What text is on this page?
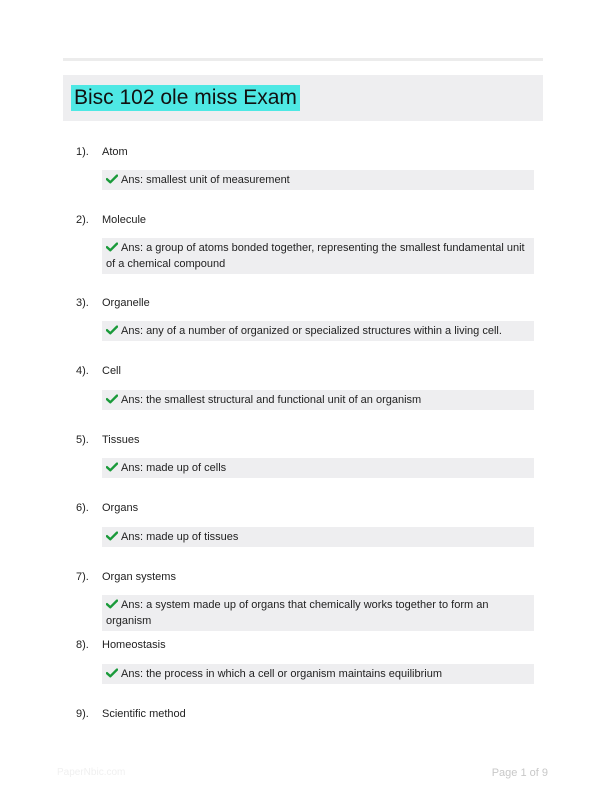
Bisc 102 ole miss Exam
1). Atom
Ans: smallest unit of measurement
2). Molecule
Ans: a group of atoms bonded together, representing the smallest fundamental unit of a chemical compound
3). Organelle
Ans: any of a number of organized or specialized structures within a living cell.
4). Cell
Ans: the smallest structural and functional unit of an organism
5). Tissues
Ans: made up of cells
6). Organs
Ans: made up of tissues
7). Organ systems
Ans: a system made up of organs that chemically works together to form an organism
8). Homeostasis
Ans: the process in which a cell or organism maintains equilibrium
9). Scientific method
PaperNbic.com	Page 1 of 9
